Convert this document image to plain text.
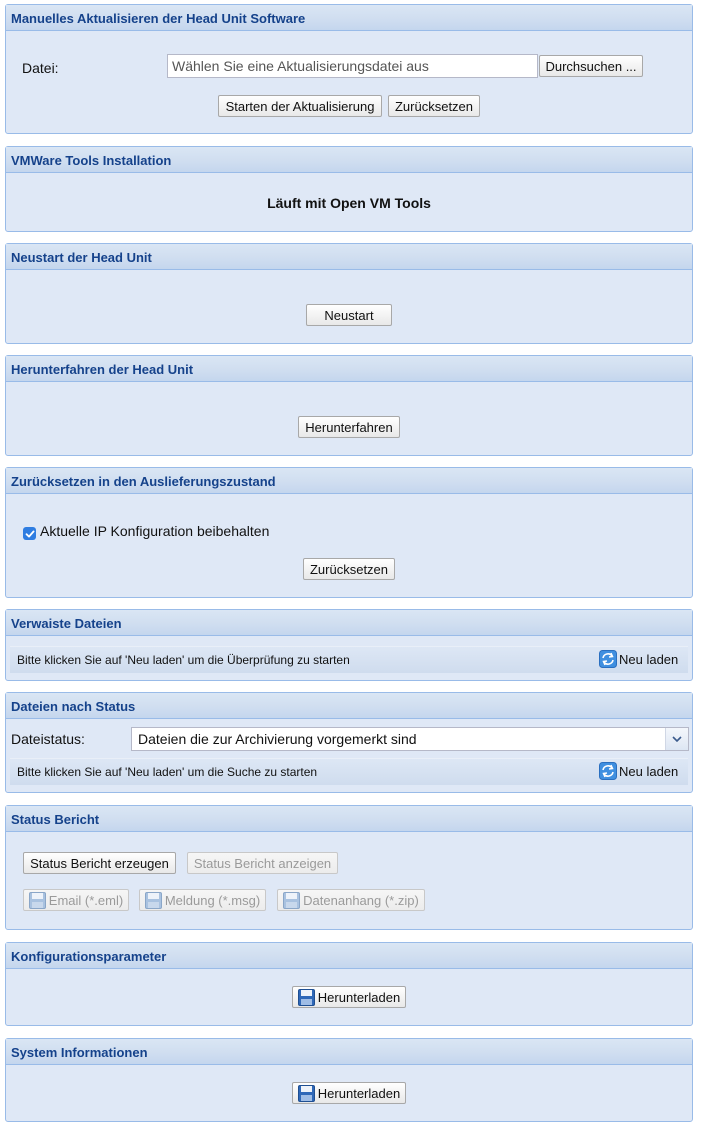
Manuelles Aktualisieren der Head Unit Software
Datei:	Wählen Sie eine Aktualisierungsdatei aus	Durchsuchen ...
Starten der Aktualisierung Zurücksetzen
VMWare Tools Installation
Läuft mit Open VM Tools
Neustart der Head Unit
Neustart
Herunterfahren der Head Unit
Herunterfahren
Zurücksetzen in den Auslieferungszustand
Aktuelle IP Konfiguration beibehalten
Zurücksetzen
Verwaiste Dateien
Bitte klicken Sie auf 'Neu laden' um die Überprüfung zu starten	Neu laden
Dateien nach Status
Dateistatus:	Dateien die zur Archivierung vorgemerkt sind
Bitte klicken Sie auf 'Neu laden' um die Suche zu starten	Neu laden
Status Bericht
Status Bericht erzeugen Status Bericht anzeigen
Email (*.eml)	Meldung (*.msg)	Datenanhang (*.zip)
Konfigurationsparameter
Herunterladen
System Informationen
Herunterladen
